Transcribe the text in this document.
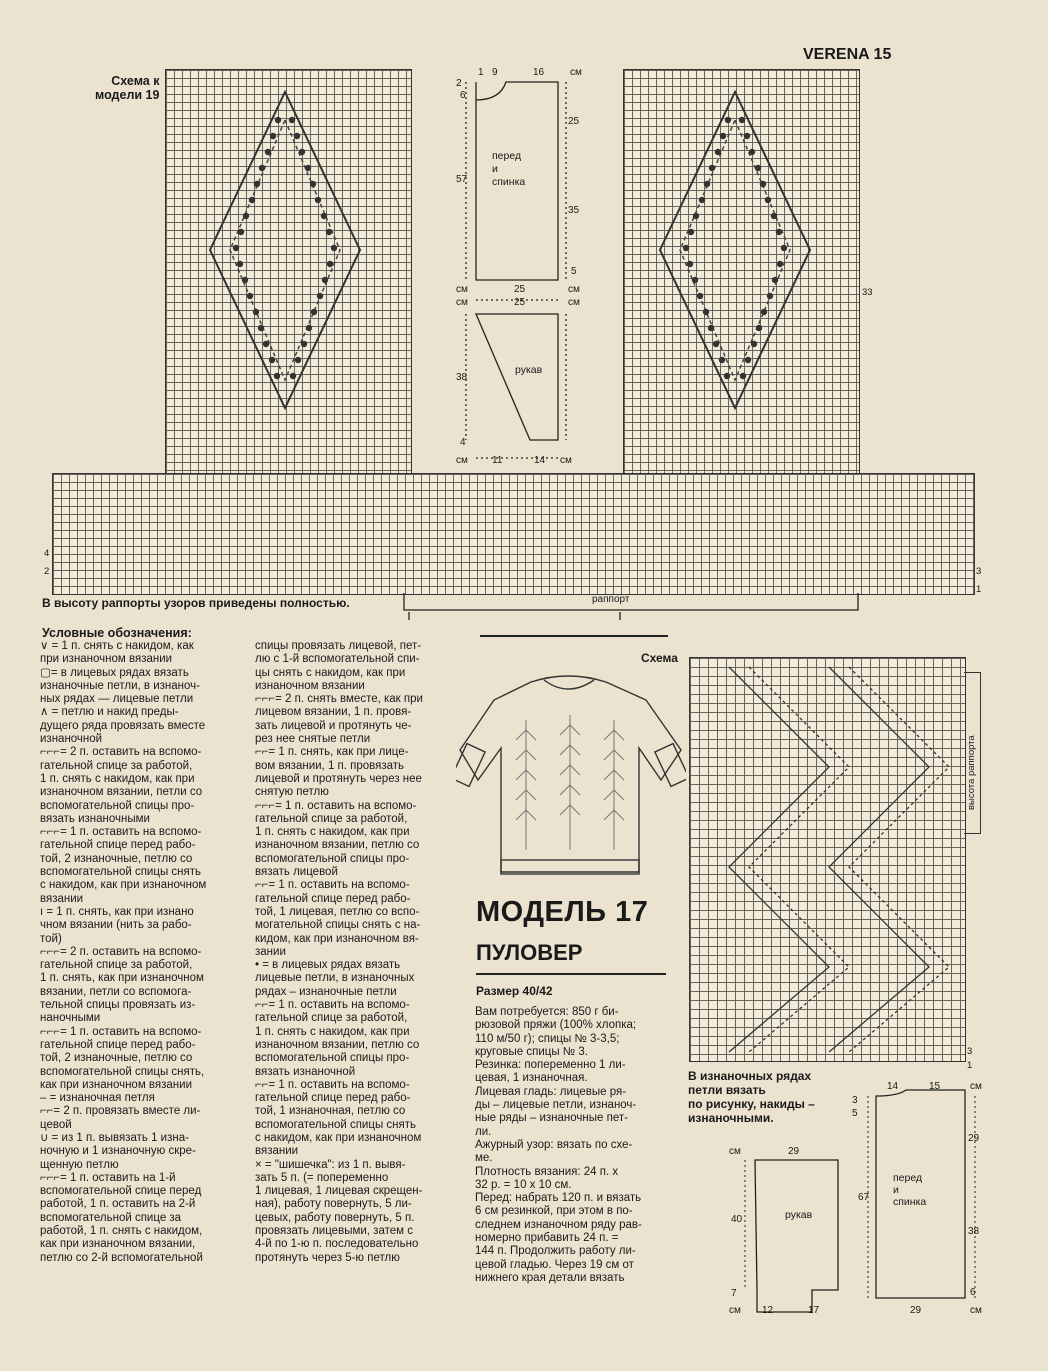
VERENA 15
Схема к
модели 19
4
2
33
3
1
В высоту раппорты узоров приведены полностью.	раппорт
перед
и
спинка
рукав
1 9	16	см
2
6
57
25
35
5
см	25	см
см	25	см
38
4
см 11	14 см
Условные обозначения:
∨ = 1 п. снять с накидом, как
при изнаночном вязании
▢= в лицевых рядах вязать
изнаночные петли, в изнаноч-
ных рядах — лицевые петли
∧ = петлю и накид преды-
дущего ряда провязать вместе
изнаночной
⌐⌐⌐= 2 п. оставить на вспомо-
гательной спице за работой,
1 п. снять с накидом, как при
изнаночном вязании, петли со
вспомогательной спицы про-
вязать изнаночными
⌐⌐⌐= 1 п. оставить на вспомо-
гательной спице перед рабо-
той, 2 изнаночные, петлю со
вспомогательной спицы снять
с накидом, как при изнаночном
вязании
ı = 1 п. снять, как при изнано
чном вязании (нить за рабо-
той)
⌐⌐⌐= 2 п. оставить на вспомо-
гательной спице за работой,
1 п. снять, как при изнаночном
вязании, петли со вспомога-
тельной спицы провязать из-
наночными
⌐⌐⌐= 1 п. оставить на вспомо-
гательной спице перед рабо-
той, 2 изнаночные, петлю со
вспомогательной спицы снять,
как при изнаночном вязании
– = изнаночная петля
⌐⌐= 2 п. провязать вместе ли-
цевой
∪ = из 1 п. вывязать 1 изна-
ночную и 1 изнаночную скре-
щенную петлю
⌐⌐⌐= 1 п. оставить на 1-й
вспомогательной спице перед
работой, 1 п. оставить на 2-й
вспомогательной спице за
работой, 1 п. снять с накидом,
как при изнаночном вязании,
петлю со 2-й вспомогательной
спицы провязать лицевой, пет-
лю с 1-й вспомогательной спи-
цы снять с накидом, как при
изнаночном вязании
⌐⌐⌐= 2 п. снять вместе, как при
лицевом вязании, 1 п. провя-
зать лицевой и протянуть че-
рез нее снятые петли
⌐⌐= 1 п. снять, как при лице-
вом вязании, 1 п. провязать
лицевой и протянуть через нее
снятую петлю
⌐⌐⌐= 1 п. оставить на вспомо-
гательной спице за работой,
1 п. снять с накидом, как при
изнаночном вязании, петлю со
вспомогательной спицы про-
вязать лицевой
⌐⌐= 1 п. оставить на вспомо-
гательной спице перед рабо-
той, 1 лицевая, петлю со вспо-
могательной спицы снять с на-
кидом, как при изнаночном вя-
зании
• = в лицевых рядах вязать
лицевые петли, в изнаночных
рядах – изнаночные петли
⌐⌐= 1 п. оставить на вспомо-
гательной спице за работой,
1 п. снять с накидом, как при
изнаночном вязании, петлю со
вспомогательной спицы про-
вязать изнаночной
⌐⌐= 1 п. оставить на вспомо-
гательной спице перед рабо-
той, 1 изнаночная, петлю со
вспомогательной спицы снять
с накидом, как при изнаночном
вязании
× = "шишечка": из 1 п. вывя-
зать 5 п. (= попеременно
1 лицевая, 1 лицевая скрещен-
ная), работу повернуть, 5 ли-
цевых, работу повернуть, 5 п.
провязать лицевыми, затем с
4-й по 1-ю п. последовательно
протянуть через 5-ю петлю
Схема
МОДЕЛЬ 17
ПУЛОВЕР
Размер 40/42
Вам потребуется: 850 г би-
рюзовой пряжи (100% хлопка;
110 м/50 г); спицы № 3-3,5;
круговые спицы № 3.
Резинка: попеременно 1 ли-
цевая, 1 изнаночная.
Лицевая гладь: лицевые ря-
ды – лицевые петли, изнаноч-
ные ряды – изнаночные пет-
ли.
Ажурный узор: вязать по схе-
ме.
Плотность вязания: 24 п. х
32 р. = 10 х 10 см.
Перед: набрать 120 п. и вязать
6 см резинкой, при этом в по-
следнем изнаночном ряду рав-
номерно прибавить 24 п. =
144 п. Продолжить работу ли-
цевой гладью. Через 19 см от
нижнего края детали вязать
высота раппорта
3
1
В изнаночных рядах
петли вязать
по рисунку, накиды –
изнаночными.
рукав
перед
и
спинка
см	29
40
7
см 12	17
14	15	см
3
5
67
29
38
6
29	см
